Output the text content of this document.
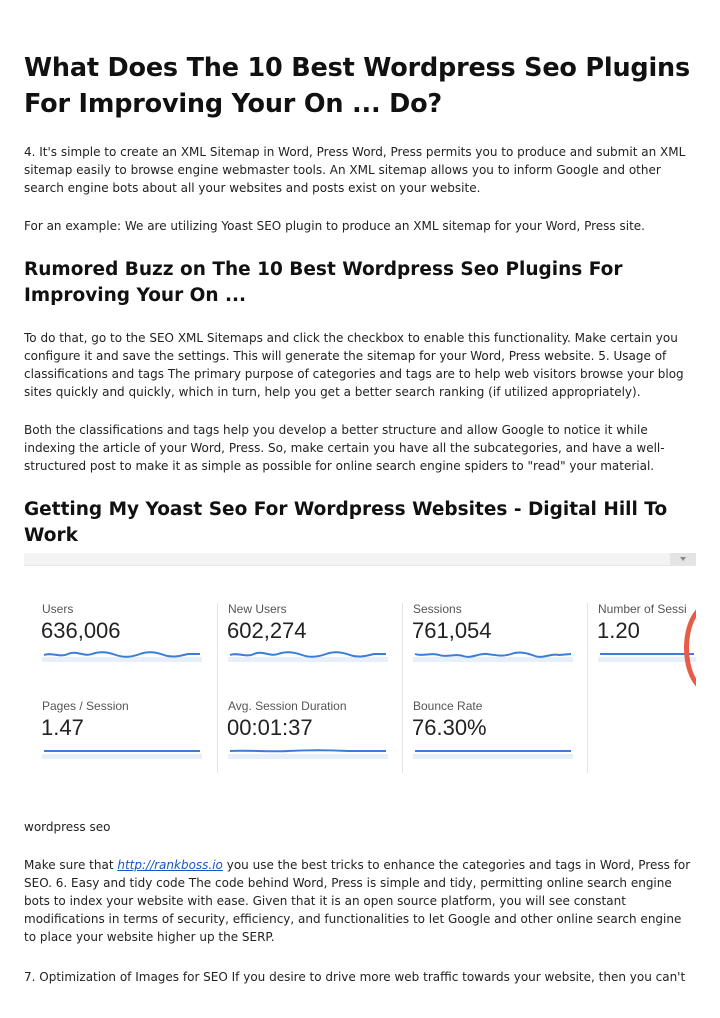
What Does The 10 Best Wordpress Seo Plugins For Improving Your On ... Do?

4. It's simple to create an XML Sitemap in Word, Press Word, Press permits you to produce and submit an XML sitemap easily to browse engine webmaster tools. An XML sitemap allows you to inform Google and other search engine bots about all your websites and posts exist on your website.

For an example: We are utilizing Yoast SEO plugin to produce an XML sitemap for your Word, Press site.

Rumored Buzz on The 10 Best Wordpress Seo Plugins For Improving Your On ...

To do that, go to the SEO XML Sitemaps and click the checkbox to enable this functionality. Make certain you configure it and save the settings. This will generate the sitemap for your Word, Press website. 5. Usage of classifications and tags The primary purpose of categories and tags are to help web visitors browse your blog sites quickly and quickly, which in turn, help you get a better search ranking (if utilized appropriately).

Both the classifications and tags help you develop a better structure and allow Google to notice it while indexing the article of your Word, Press. So, make certain you have all the subcategories, and have a well-structured post to make it as simple as possible for online search engine spiders to "read" your material.

Getting My Yoast Seo For Wordpress Websites - Digital Hill To Work

wordpress seo

Make sure that http://rankboss.io you use the best tricks to enhance the categories and tags in Word, Press for SEO. 6. Easy and tidy code The code behind Word, Press is simple and tidy, permitting online search engine bots to index your website with ease. Given that it is an open source platform, you will see constant modifications in terms of security, efficiency, and functionalities to let Google and other online search engine to place your website higher up the SERP.

7. Optimization of Images for SEO If you desire to drive more web traffic towards your website, then you can't

Users
636,006
New Users
602,274
Sessions
761,054
Number of Sessi
1.20
Pages / Session
1.47
Avg. Session Duration
00:01:37
Bounce Rate
76.30%
